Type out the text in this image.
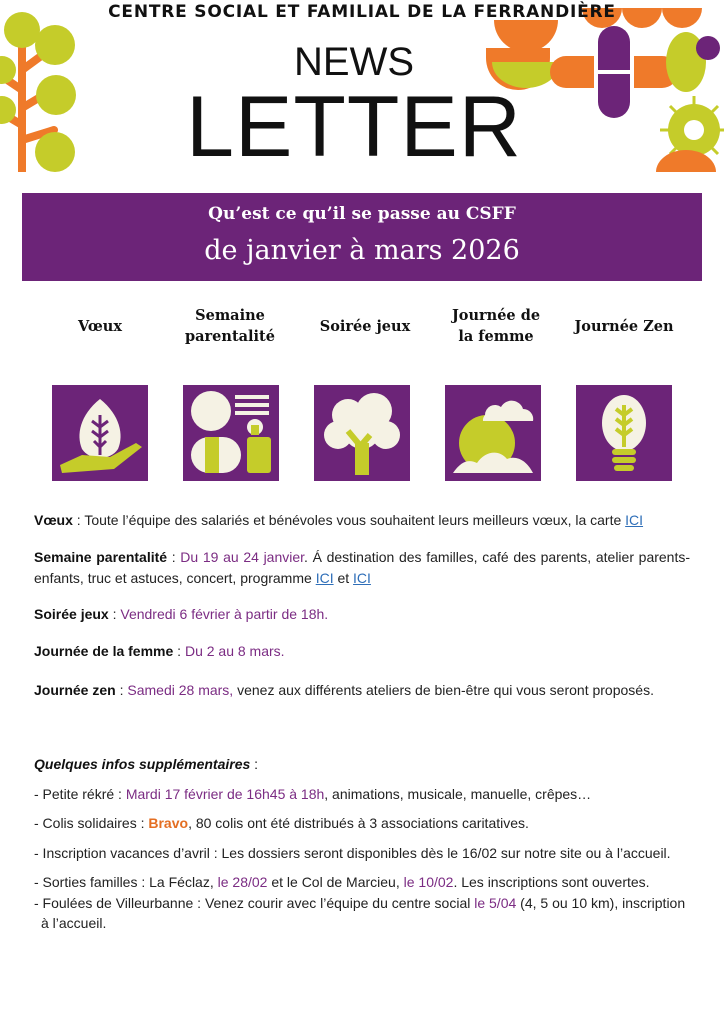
CENTRE SOCIAL ET FAMILIAL DE LA FERRANDIÈRE
NEWS
LETTER
Qu’est ce qu’il se passe au CSFF
de janvier à mars 2026
Vœux
Semaine
parentalité
Soirée jeux
Journée de
la femme
Journée Zen
Vœux : Toute l’équipe des salariés et bénévoles vous souhaitent leurs meilleurs vœux, la carte ICI
Semaine parentalité : Du 19 au 24 janvier. Á destination des familles, café des parents, atelier parents-enfants, truc et astuces, concert, programme ICI et ICI
Soirée jeux : Vendredi 6 février à partir de 18h.
Journée de la femme : Du 2 au 8 mars.
Journée zen : Samedi 28 mars, venez aux différents ateliers de bien-être qui vous seront proposés.
Quelques infos supplémentaires :
- Petite rékré : Mardi 17 février de 16h45 à 18h, animations, musicale, manuelle, crêpes…
- Colis solidaires : Bravo, 80 colis ont été distribués à 3 associations caritatives.
- Inscription vacances d’avril : Les dossiers seront disponibles dès le 16/02 sur notre site ou à l’accueil.
- Sorties familles : La Féclaz, le 28/02 et le Col de Marcieu, le 10/02. Les inscriptions sont ouvertes.
- Foulées de Villeurbanne : Venez courir avec l’équipe du centre social le 5/04 (4, 5 ou 10 km), inscription
à l’accueil.
